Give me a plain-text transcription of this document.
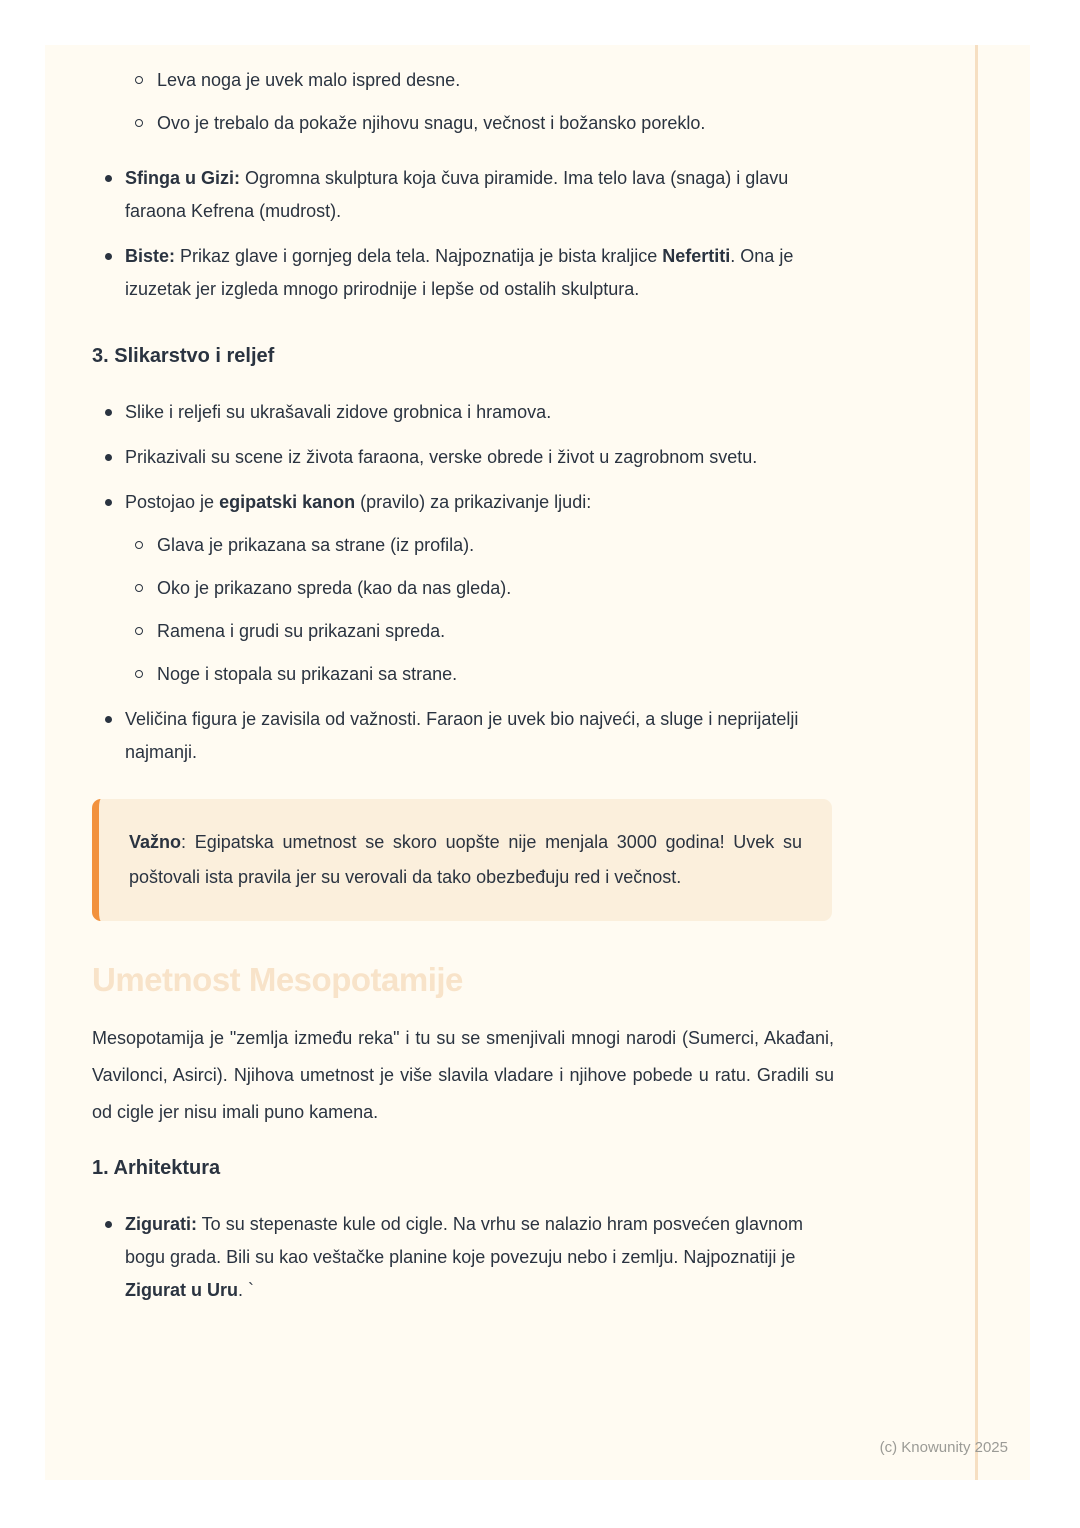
Leva noga je uvek malo ispred desne.
Ovo je trebalo da pokaže njihovu snagu, večnost i božansko poreklo.
Sfinga u Gizi: Ogromna skulptura koja čuva piramide. Ima telo lava (snaga) i glavu faraona Kefrena (mudrost).
Biste: Prikaz glave i gornjeg dela tela. Najpoznatija je bista kraljice Nefertiti. Ona je izuzetak jer izgleda mnogo prirodnije i lepše od ostalih skulptura.
3. Slikarstvo i reljef
Slike i reljefi su ukrašavali zidove grobnica i hramova.
Prikazivali su scene iz života faraona, verske obrede i život u zagrobnom svetu.
Postojao je egipatski kanon (pravilo) za prikazivanje ljudi:
Glava je prikazana sa strane (iz profila).
Oko je prikazano spreda (kao da nas gleda).
Ramena i grudi su prikazani spreda.
Noge i stopala su prikazani sa strane.
Veličina figura je zavisila od važnosti. Faraon je uvek bio najveći, a sluge i neprijatelji najmanji.
Važno: Egipatska umetnost se skoro uopšte nije menjala 3000 godina! Uvek su poštovali ista pravila jer su verovali da tako obezbeđuju red i večnost.
Umetnost Mesopotamije

Mesopotamija je "zemlja između reka" i tu su se smenjivali mnogi narodi (Sumerci, Akađani, Vavilonci, Asirci). Njihova umetnost je više slavila vladare i njihove pobede u ratu. Gradili su od cigle jer nisu imali puno kamena.

1. Arhitektura
Zigurati: To su stepenaste kule od cigle. Na vrhu se nalazio hram posvećen glavnom bogu grada. Bili su kao veštačke planine koje povezuju nebo i zemlju. Najpoznatiji je Zigurat u Uru. `
(c) Knowunity 2025
